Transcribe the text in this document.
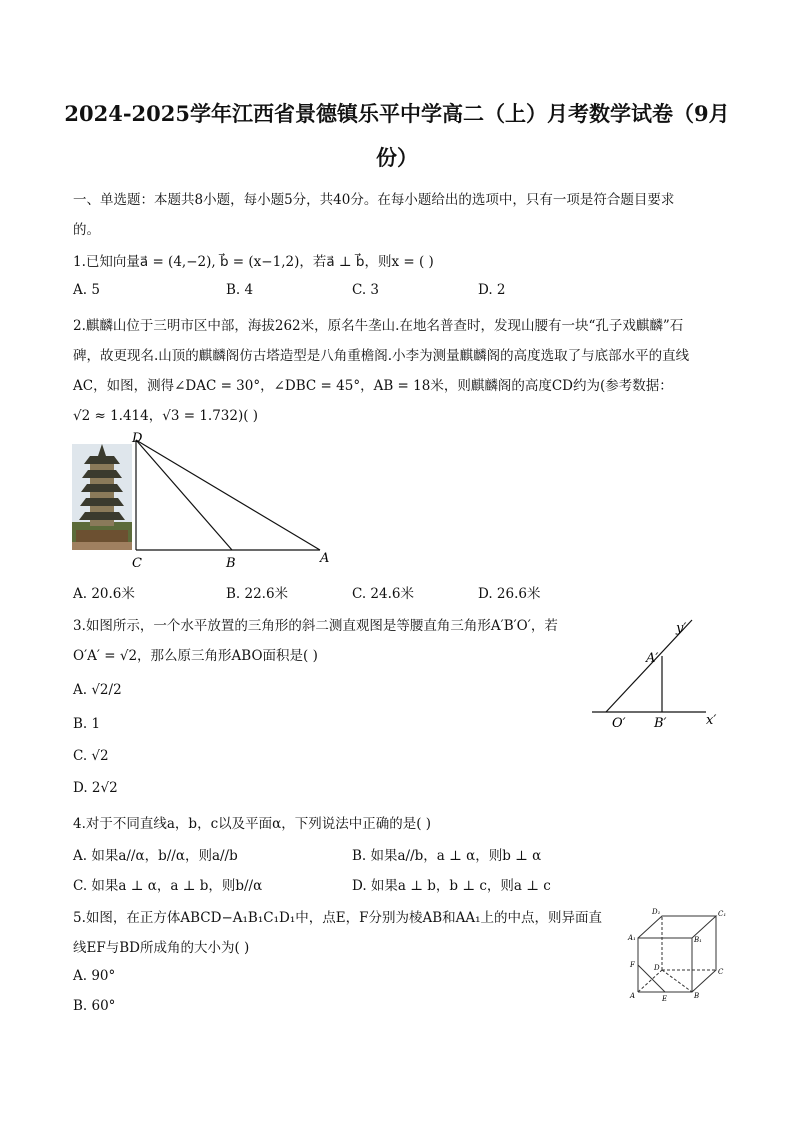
2024-2025学年江西省景德镇乐平中学高二（上）月考数学试卷（9月
份）
一、单选题：本题共8小题，每小题5分，共40分。在每小题给出的选项中，只有一项是符合题目要求
的。
1.已知向量a⃗ = (4,−2), b⃗ = (x−1,2)，若a⃗ ⊥ b⃗，则x = ( )
A. 5	B. 4	C. 3	D. 2
2.麒麟山位于三明市区中部，海拔262米，原名牛垄山.在地名普查时，发现山腰有一块“孔子戏麒麟”石
碑，故更现名.山顶的麒麟阁仿古塔造型是八角重檐阁.小李为测量麒麟阁的高度选取了与底部水平的直线
AC，如图，测得∠DAC = 30°，∠DBC = 45°，AB = 18米，则麒麟阁的高度CD约为(参考数据：
√2 ≈ 1.414，√3 = 1.732)( )
D
C	B	A
A. 20.6米	B. 22.6米	C. 24.6米	D. 26.6米
3.如图所示，一个水平放置的三角形的斜二测直观图是等腰直角三角形A′B′O′，若
O′A′ = √2，那么原三角形ABO面积是( )
A. √2/2
B. 1
C. √2
D. 2√2
y′
A′
O′ B′	x′
4.对于不同直线a，b，c以及平面α，下列说法中正确的是( )
A. 如果a//α，b//α，则a//b	B. 如果a//b，a ⊥ α，则b ⊥ α
C. 如果a ⊥ α，a ⊥ b，则b//α	D. 如果a ⊥ b，b ⊥ c，则a ⊥ c
5.如图，在正方体ABCD−A₁B₁C₁D₁中，点E，F分别为棱AB和AA₁上的中点，则异面直
线EF与BD所成角的大小为( )
A. 90°
B. 60°
D₁	C₁
A₁	B₁
F	D	C
A	E	B
